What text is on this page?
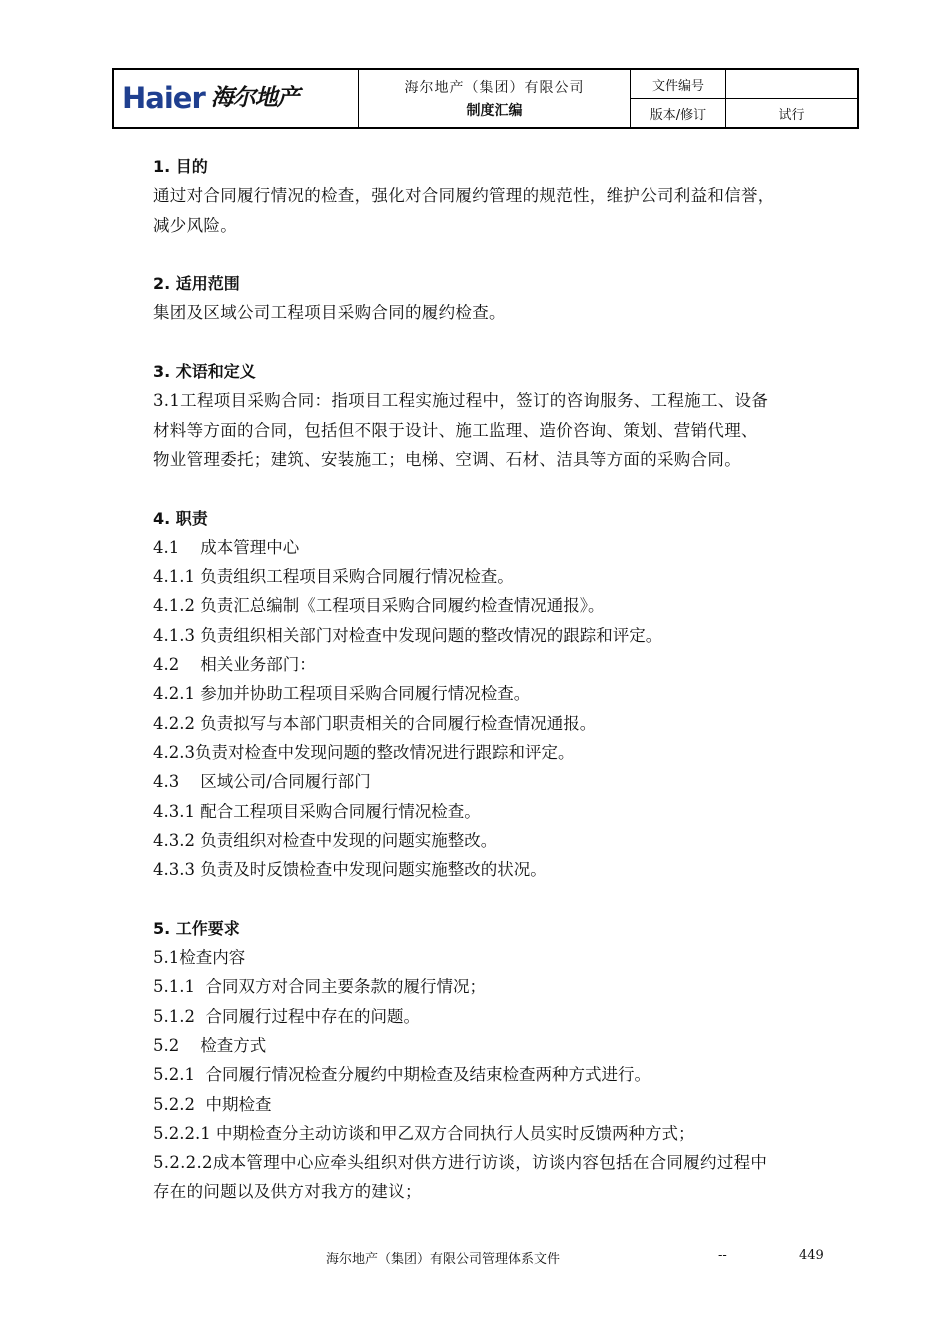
Haier 海尔地产	海尔地产（集团）有限公司
制度汇编
文件编号
版本/修订	试行
1. 目的
通过对合同履行情况的检查，强化对合同履约管理的规范性，维护公司利益和信誉，
减少风险。
2. 适用范围
集团及区域公司工程项目采购合同的履约检查。
3. 术语和定义
3.1工程项目采购合同：指项目工程实施过程中，签订的咨询服务、工程施工、设备
材料等方面的合同，包括但不限于设计、施工监理、造价咨询、策划、营销代理、
物业管理委托；建筑、安装施工；电梯、空调、石材、洁具等方面的采购合同。
4. 职责
4.1    成本管理中心
4.1.1 负责组织工程项目采购合同履行情况检查。
4.1.2 负责汇总编制《工程项目采购合同履约检查情况通报》。
4.1.3 负责组织相关部门对检查中发现问题的整改情况的跟踪和评定。
4.2    相关业务部门：
4.2.1 参加并协助工程项目采购合同履行情况检查。
4.2.2 负责拟写与本部门职责相关的合同履行检查情况通报。
4.2.3负责对检查中发现问题的整改情况进行跟踪和评定。
4.3    区域公司/合同履行部门
4.3.1 配合工程项目采购合同履行情况检查。
4.3.2 负责组织对检查中发现的问题实施整改。
4.3.3 负责及时反馈检查中发现问题实施整改的状况。
5. 工作要求
5.1检查内容
5.1.1  合同双方对合同主要条款的履行情况；
5.1.2  合同履行过程中存在的问题。
5.2    检查方式
5.2.1  合同履行情况检查分履约中期检查及结束检查两种方式进行。
5.2.2  中期检查
5.2.2.1 中期检查分主动访谈和甲乙双方合同执行人员实时反馈两种方式；
5.2.2.2成本管理中心应牵头组织对供方进行访谈，访谈内容包括在合同履约过程中
存在的问题以及供方对我方的建议；
海尔地产（集团）有限公司管理体系文件	--	449
